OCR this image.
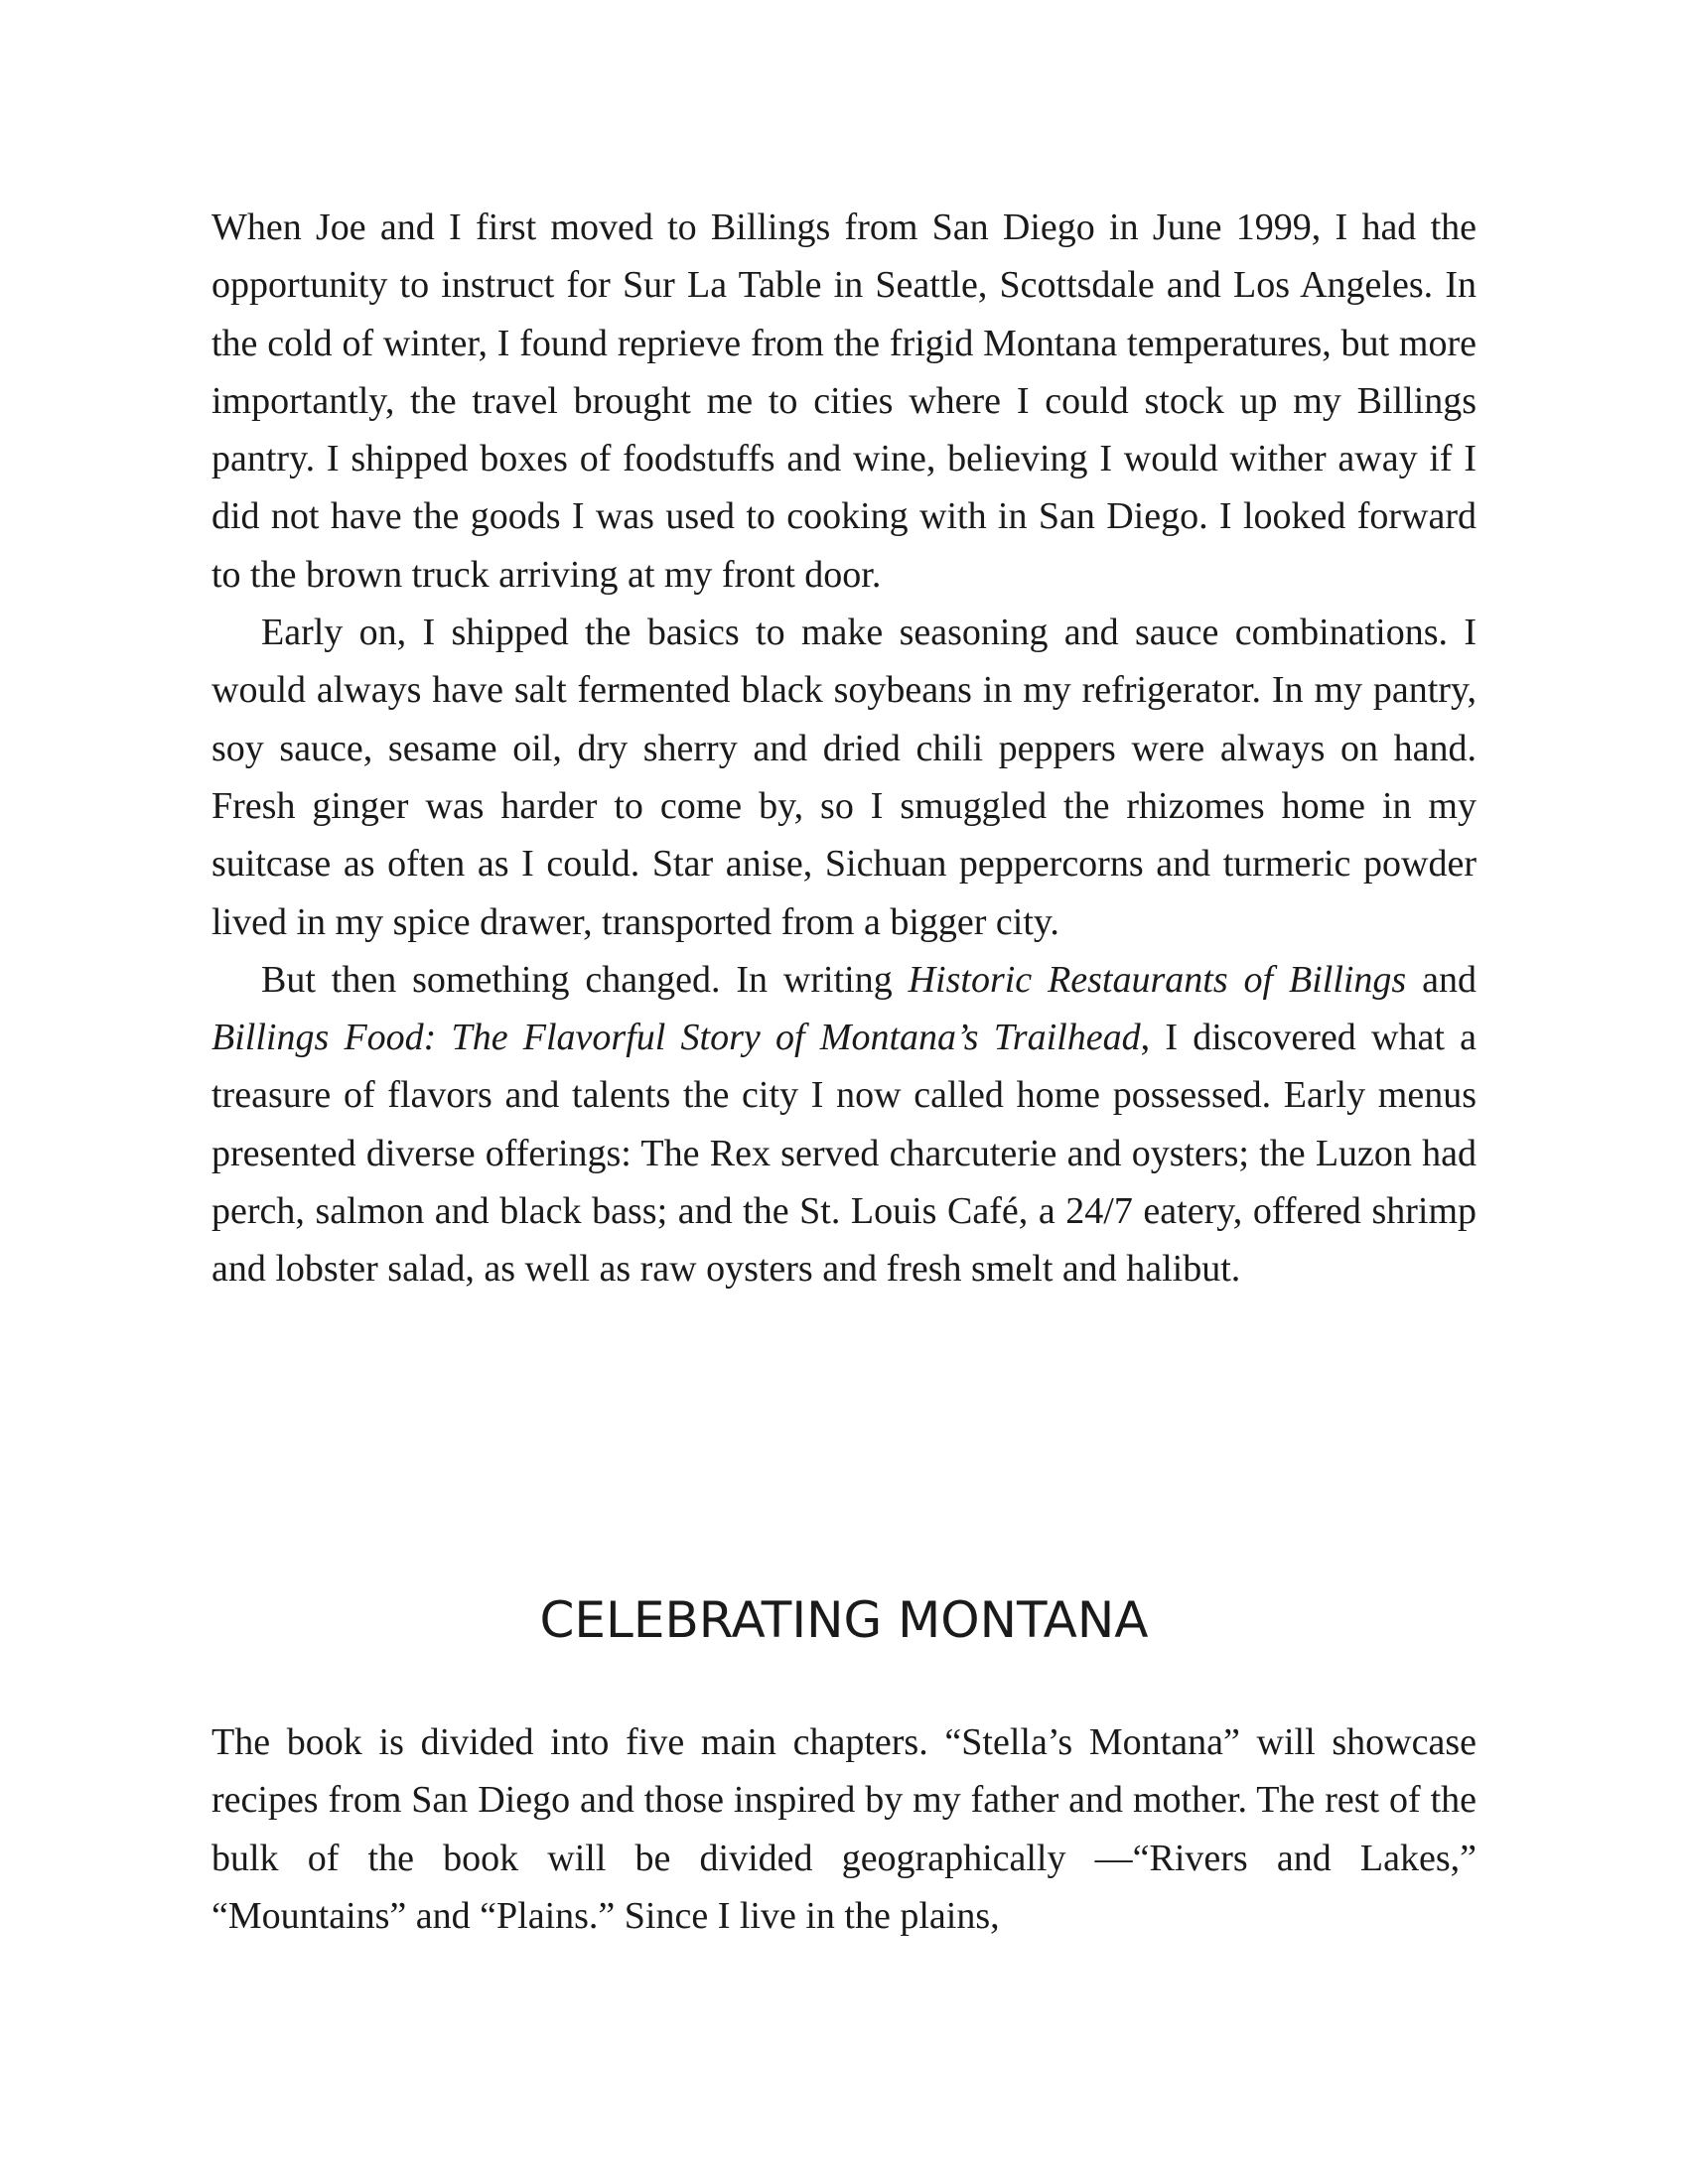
When Joe and I first moved to Billings from San Diego in June 1999, I had the opportunity to instruct for Sur La Table in Seattle, Scottsdale and Los Angeles. In the cold of winter, I found reprieve from the frigid Montana temperatures, but more importantly, the travel brought me to cities where I could stock up my Billings pantry. I shipped boxes of foodstuffs and wine, believing I would wither away if I did not have the goods I was used to cooking with in San Diego. I looked forward to the brown truck arriving at my front door.

Early on, I shipped the basics to make seasoning and sauce combinations. I would always have salt fermented black soybeans in my refrigerator. In my pantry, soy sauce, sesame oil, dry sherry and dried chili peppers were always on hand. Fresh ginger was harder to come by, so I smuggled the rhizomes home in my suitcase as often as I could. Star anise, Sichuan peppercorns and turmeric powder lived in my spice drawer, transported from a bigger city.

But then something changed. In writing Historic Restaurants of Billings and Billings Food: The Flavorful Story of Montana’s Trailhead, I discovered what a treasure of flavors and talents the city I now called home possessed. Early menus presented diverse offerings: The Rex served charcuterie and oysters; the Luzon had perch, salmon and black bass; and the St. Louis Café, a 24/7 eatery, offered shrimp and lobster salad, as well as raw oysters and fresh smelt and halibut.

CELEBRATING MONTANA

The book is divided into five main chapters. “Stella’s Montana” will showcase recipes from San Diego and those inspired by my father and mother. The rest of the bulk of the book will be divided geographically —“Rivers and Lakes,” “Mountains” and “Plains.” Since I live in the plains,
